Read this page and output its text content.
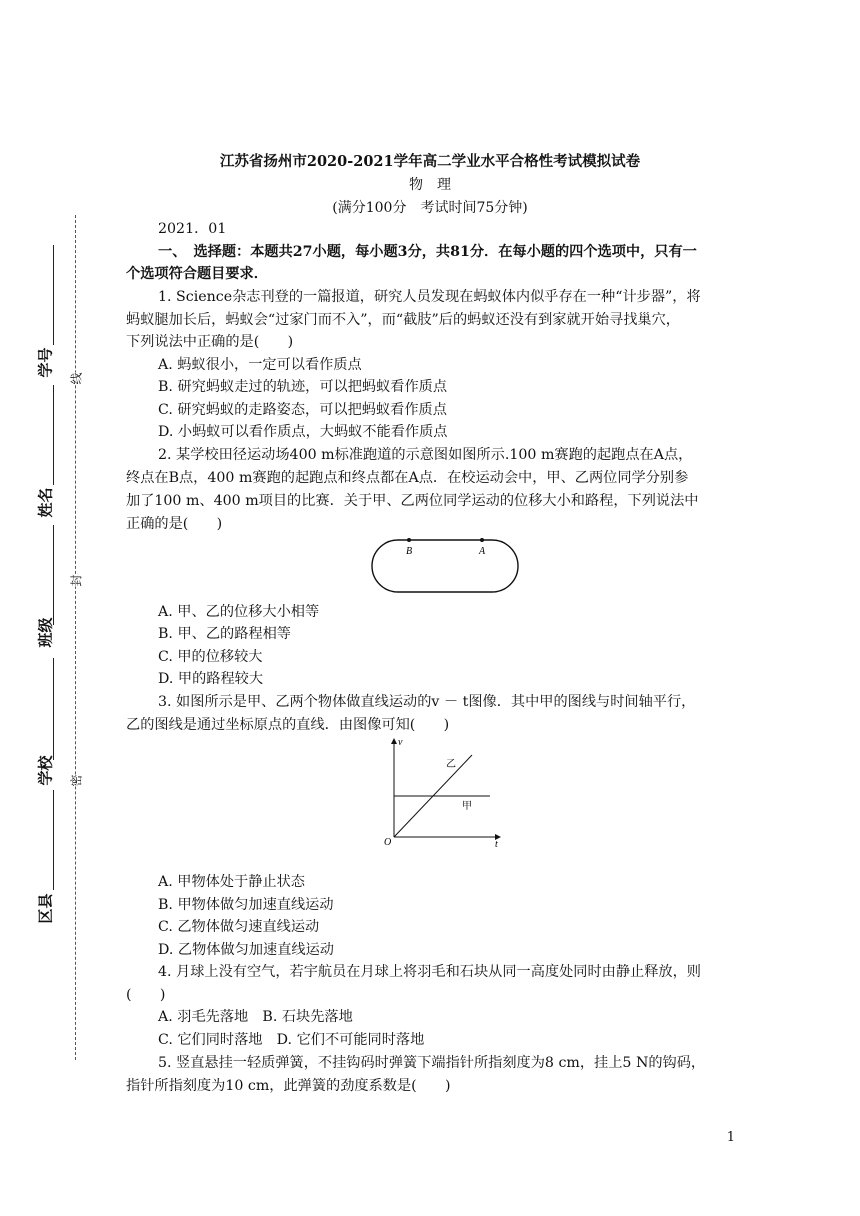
学号
姓名
班级
学校
区县
线
封
密
江苏省扬州市2020-2021学年高二学业水平合格性考试模拟试卷
物　理
(满分100分　考试时间75分钟)
2021．01
一、　选择题：本题共27小题，每小题3分，共81分．在每小题的四个选项中，只有一
个选项符合题目要求．
1. Science杂志刊登的一篇报道，研究人员发现在蚂蚁体内似乎存在一种“计步器”，将
蚂蚁腿加长后，蚂蚁会“过家门而不入”，而“截肢”后的蚂蚁还没有到家就开始寻找巢穴，
下列说法中正确的是(　　)
A. 蚂蚁很小，一定可以看作质点
B. 研究蚂蚁走过的轨迹，可以把蚂蚁看作质点
C. 研究蚂蚁的走路姿态，可以把蚂蚁看作质点
D. 小蚂蚁可以看作质点，大蚂蚁不能看作质点
2. 某学校田径运动场400 m标准跑道的示意图如图所示.100 m赛跑的起跑点在A点，
终点在B点，400 m赛跑的起跑点和终点都在A点．在校运动会中，甲、乙两位同学分别参
加了100 m、400 m项目的比赛．关于甲、乙两位同学运动的位移大小和路程，下列说法中
正确的是(　　)
B	A
A. 甲、乙的位移大小相等
B. 甲、乙的路程相等
C. 甲的位移较大
D. 甲的路程较大
3. 如图所示是甲、乙两个物体做直线运动的v － t图像．其中甲的图线与时间轴平行，
乙的图线是通过坐标原点的直线．由图像可知(　　)
v
t
O
乙
甲
A. 甲物体处于静止状态
B. 甲物体做匀加速直线运动
C. 乙物体做匀速直线运动
D. 乙物体做匀加速直线运动
4. 月球上没有空气，若宇航员在月球上将羽毛和石块从同一高度处同时由静止释放，则
(　　)
A. 羽毛先落地　B. 石块先落地
C. 它们同时落地　D. 它们不可能同时落地
5. 竖直悬挂一轻质弹簧，不挂钩码时弹簧下端指针所指刻度为8 cm，挂上5 N的钩码，
指针所指刻度为10 cm，此弹簧的劲度系数是(　　)
1
